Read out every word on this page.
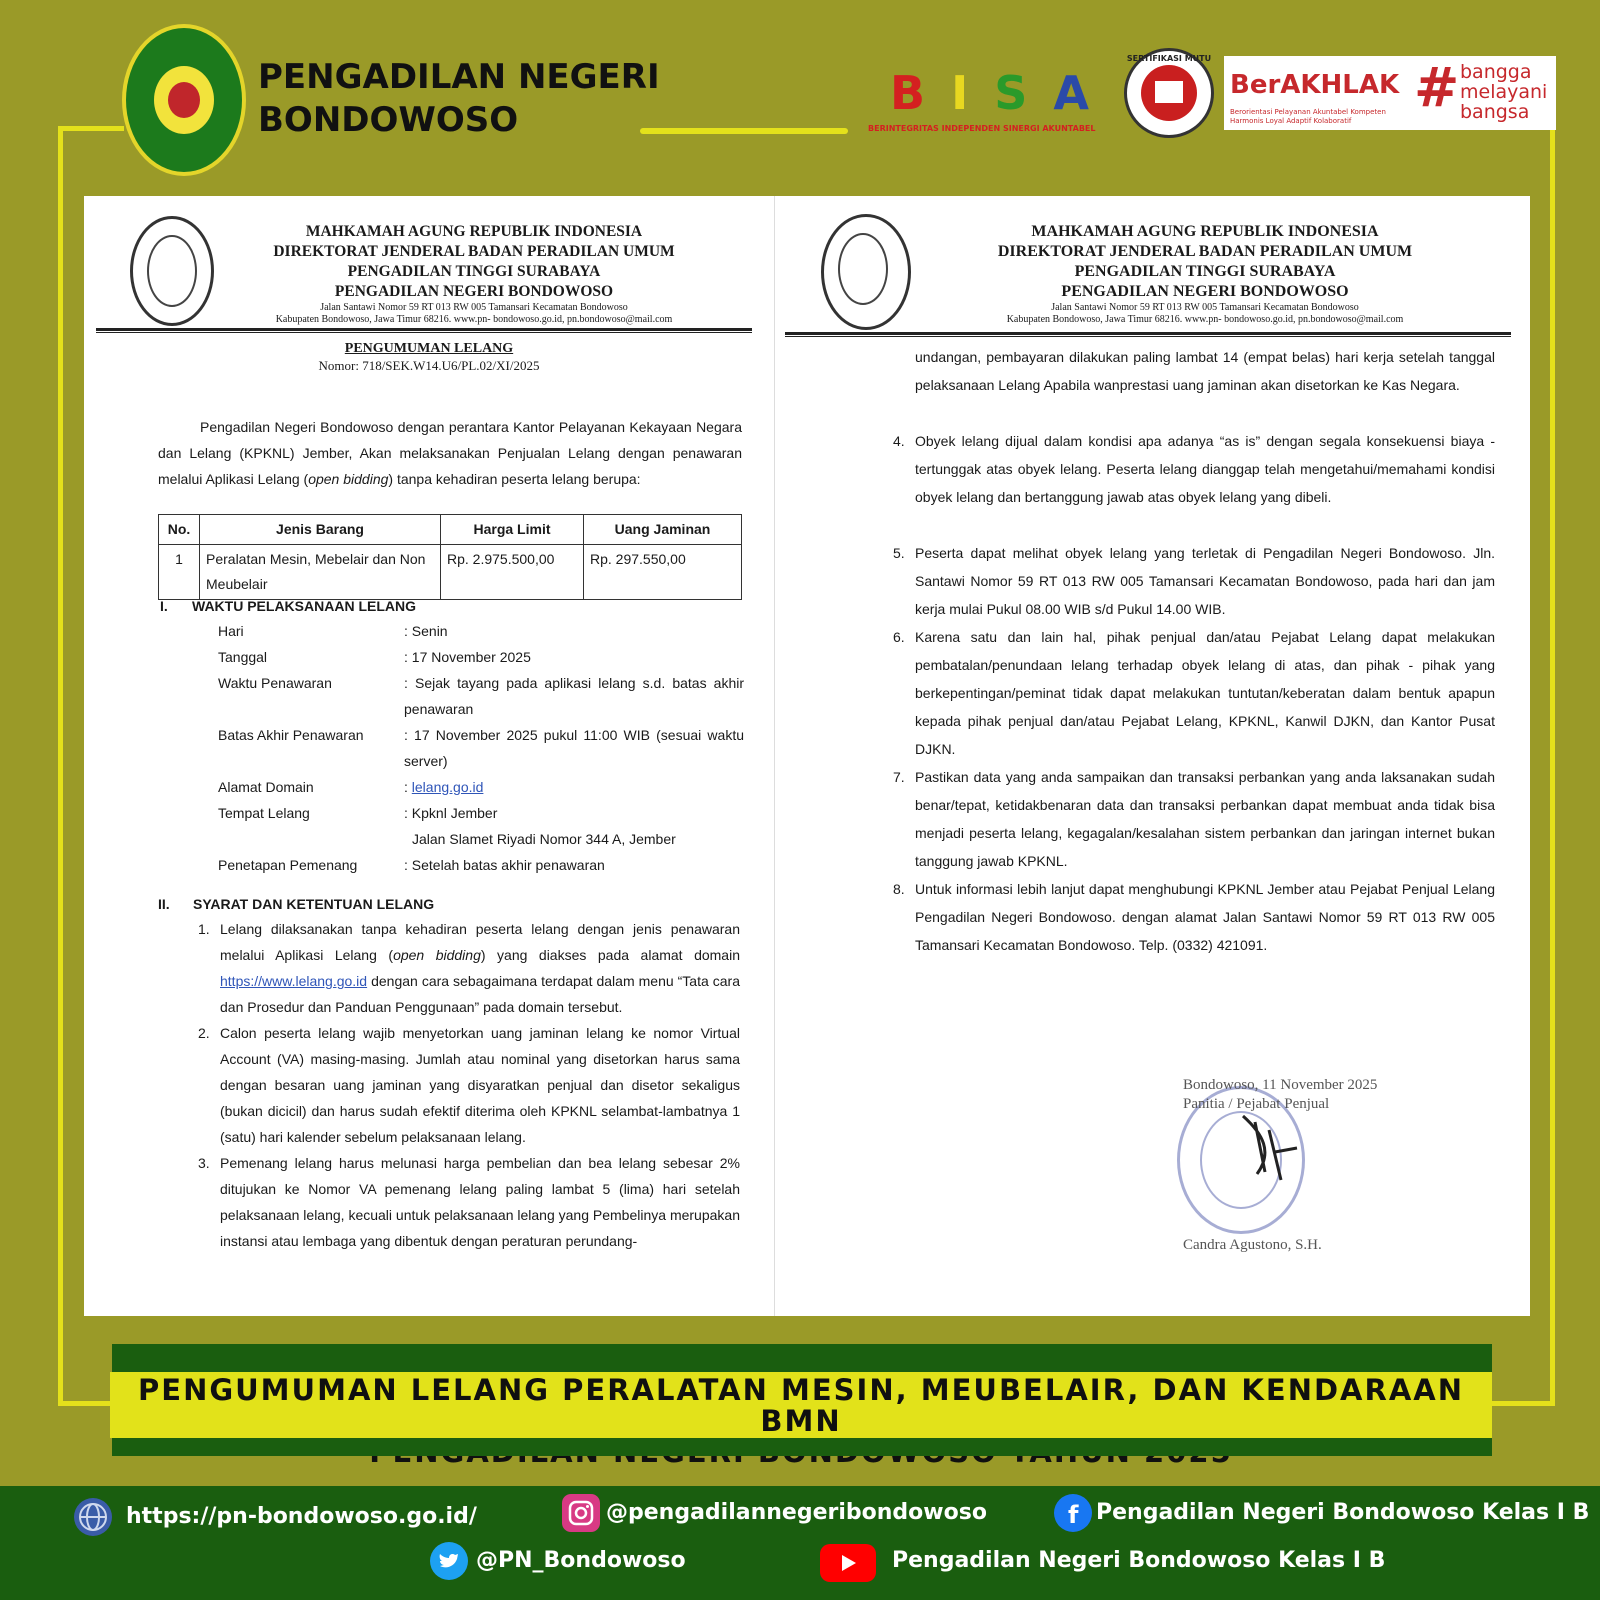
PENGADILAN NEGERI
BONDOWOSO	BISA
BERINTEGRITAS INDEPENDEN SINERGI AKUNTABEL
SERTIFIKASI MUTU
BerAKHLAK
Berorientasi Pelayanan Akuntabel Kompeten Harmonis Loyal Adaptif Kolaboratif
# bangga
melayani
bangsa
MAHKAMAH AGUNG REPUBLIK INDONESIA
DIREKTORAT JENDERAL BADAN PERADILAN UMUM
PENGADILAN TINGGI SURABAYA
PENGADILAN NEGERI BONDOWOSO
Jalan Santawi Nomor 59 RT 013 RW 005 Tamansari Kecamatan Bondowoso
Kabupaten Bondowoso, Jawa Timur 68216. www.pn- bondowoso.go.id, pn.bondowoso@mail.com
PENGUMUMAN LELANG
Nomor: 718/SEK.W14.U6/PL.02/XI/2025
Pengadilan Negeri Bondowoso dengan perantara Kantor Pelayanan Kekayaan Negara dan Lelang (KPKNL) Jember, Akan melaksanakan Penjualan Lelang dengan penawaran melalui Aplikasi Lelang (open bidding) tanpa kehadiran peserta lelang berupa:
No.	Jenis Barang	Harga Limit	Uang Jaminan
1	Peralatan Mesin, Mebelair dan Non Meubelair	Rp. 2.975.500,00	Rp. 297.550,00
I. WAKTU PELAKSANAAN LELANG
Hari	: Senin
Tanggal	: 17 November 2025
Waktu Penawaran	: Sejak tayang pada aplikasi lelang s.d. batas akhir penawaran
Batas Akhir Penawaran	: 17 November 2025 pukul 11:00 WIB (sesuai waktu server)
Alamat Domain	: lelang.go.id
Tempat Lelang	: Kpknl Jember
Jalan Slamet Riyadi Nomor 344 A, Jember
Penetapan Pemenang	: Setelah batas akhir penawaran
II. SYARAT DAN KETENTUAN LELANG
1. Lelang dilaksanakan tanpa kehadiran peserta lelang dengan jenis penawaran melalui Aplikasi Lelang (open bidding) yang diakses pada alamat domain https://www.lelang.go.id dengan cara sebagaimana terdapat dalam menu “Tata cara dan Prosedur dan Panduan Penggunaan” pada domain tersebut.
2. Calon peserta lelang wajib menyetorkan uang jaminan lelang ke nomor Virtual Account (VA) masing-masing. Jumlah atau nominal yang disetorkan harus sama dengan besaran uang jaminan yang disyaratkan penjual dan disetor sekaligus (bukan dicicil) dan harus sudah efektif diterima oleh KPKNL selambat-lambatnya 1 (satu) hari kalender sebelum pelaksanaan lelang.
3. Pemenang lelang harus melunasi harga pembelian dan bea lelang sebesar 2% ditujukan ke Nomor VA pemenang lelang paling lambat 5 (lima) hari setelah pelaksanaan lelang, kecuali untuk pelaksanaan lelang yang Pembelinya merupakan instansi atau lembaga yang dibentuk dengan peraturan perundang-
MAHKAMAH AGUNG REPUBLIK INDONESIA
DIREKTORAT JENDERAL BADAN PERADILAN UMUM
PENGADILAN TINGGI SURABAYA
PENGADILAN NEGERI BONDOWOSO
Jalan Santawi Nomor 59 RT 013 RW 005 Tamansari Kecamatan Bondowoso
Kabupaten Bondowoso, Jawa Timur 68216. www.pn- bondowoso.go.id, pn.bondowoso@mail.com
undangan, pembayaran dilakukan paling lambat 14 (empat belas) hari kerja setelah tanggal pelaksanaan Lelang Apabila wanprestasi uang jaminan akan disetorkan ke Kas Negara.
4. Obyek lelang dijual dalam kondisi apa adanya “as is” dengan segala konsekuensi biaya - tertunggak atas obyek lelang. Peserta lelang dianggap telah mengetahui/memahami kondisi obyek lelang dan bertanggung jawab atas obyek lelang yang dibeli.
5. Peserta dapat melihat obyek lelang yang terletak di Pengadilan Negeri Bondowoso. Jln. Santawi Nomor 59 RT 013 RW 005 Tamansari Kecamatan Bondowoso, pada hari dan jam kerja mulai Pukul 08.00 WIB s/d Pukul 14.00 WIB.
6. Karena satu dan lain hal, pihak penjual dan/atau Pejabat Lelang dapat melakukan pembatalan/penundaan lelang terhadap obyek lelang di atas, dan pihak - pihak yang berkepentingan/peminat tidak dapat melakukan tuntutan/keberatan dalam bentuk apapun kepada pihak penjual dan/atau Pejabat Lelang, KPKNL, Kanwil DJKN, dan Kantor Pusat DJKN.
7. Pastikan data yang anda sampaikan dan transaksi perbankan yang anda laksanakan sudah benar/tepat, ketidakbenaran data dan transaksi perbankan dapat membuat anda tidak bisa menjadi peserta lelang, kegagalan/kesalahan sistem perbankan dan jaringan internet bukan tanggung jawab KPKNL.
8. Untuk informasi lebih lanjut dapat menghubungi KPKNL Jember atau Pejabat Penjual Lelang Pengadilan Negeri Bondowoso. dengan alamat Jalan Santawi Nomor 59 RT 013 RW 005 Tamansari Kecamatan Bondowoso. Telp. (0332) 421091.
Bondowoso, 11 November 2025
Panitia / Pejabat Penjual
Candra Agustono, S.H.
PENGUMUMAN LELANG PERALATAN MESIN, MEUBELAIR, DAN KENDARAAN BMN
https://pn-bondowoso.go.id/	@pengadilannegeribondowoso	f Pengadilan Negeri Bondowoso Kelas I B
@PN_Bondowoso	Pengadilan Negeri Bondowoso Kelas I B
